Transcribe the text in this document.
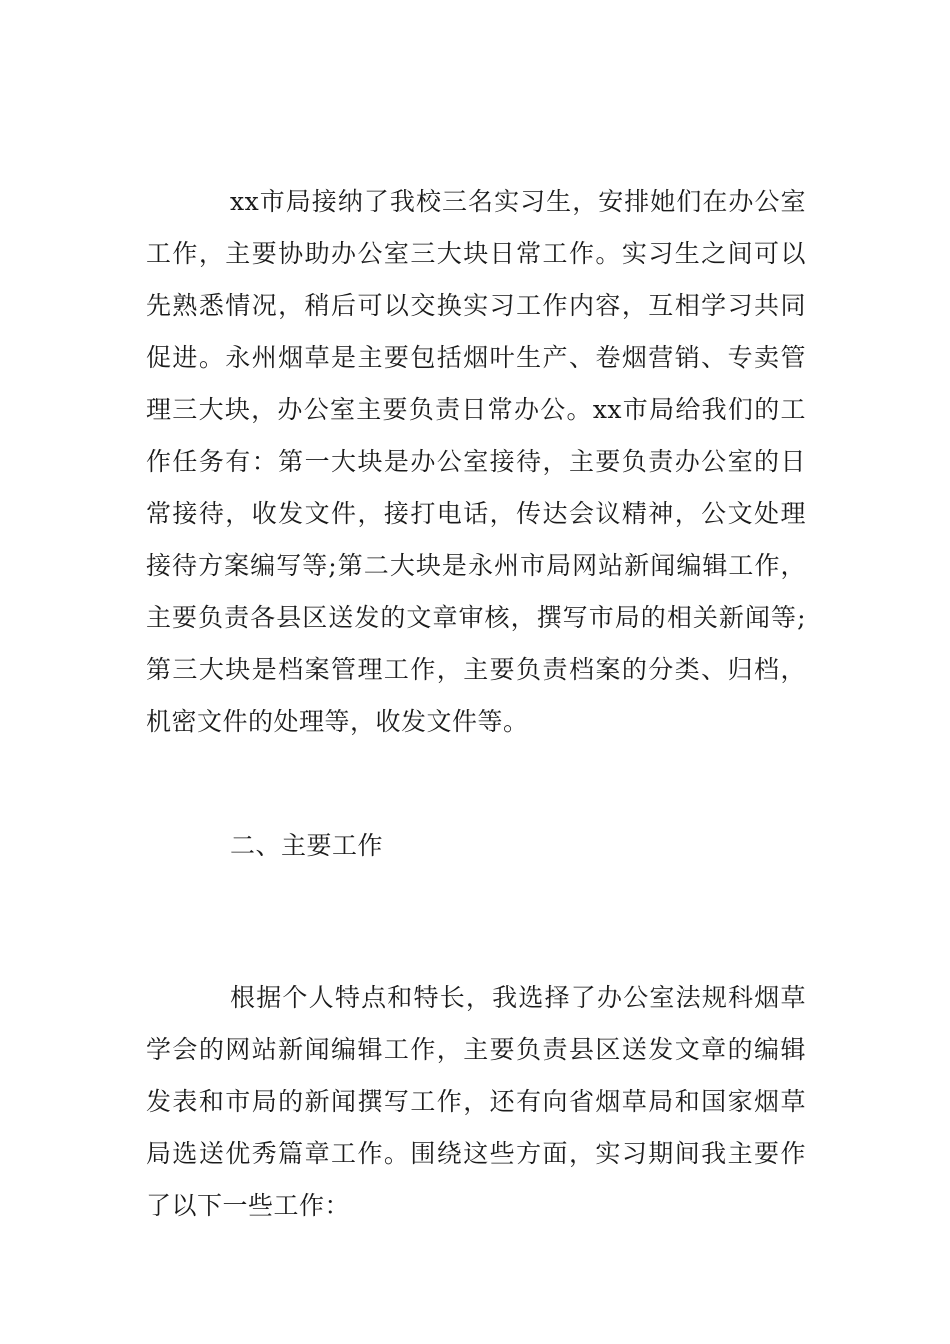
xx市局接纳了我校三名实习生，安排她们在办公室工作，主要协助办公室三大块日常工作。实习生之间可以先熟悉情况，稍后可以交换实习工作内容，互相学习共同促进。永州烟草是主要包括烟叶生产、卷烟营销、专卖管理三大块，办公室主要负责日常办公。xx市局给我们的工作任务有：第一大块是办公室接待，主要负责办公室的日常接待，收发文件，接打电话，传达会议精神，公文处理接待方案编写等;第二大块是永州市局网站新闻编辑工作，主要负责各县区送发的文章审核，撰写市局的相关新闻等;第三大块是档案管理工作，主要负责档案的分类、归档，机密文件的处理等，收发文件等。

二、主要工作

根据个人特点和特长，我选择了办公室法规科烟草学会的网站新闻编辑工作，主要负责县区送发文章的编辑发表和市局的新闻撰写工作，还有向省烟草局和国家烟草局选送优秀篇章工作。围绕这些方面，实习期间我主要作了以下一些工作：
